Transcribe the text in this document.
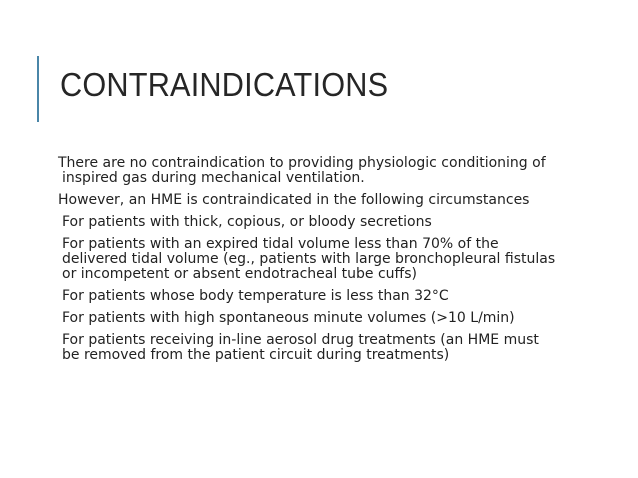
CONTRAINDICATIONS

There are no contraindication to providing physiologic conditioning of inspired gas during mechanical ventilation.

However, an HME is contraindicated in the following circumstances

For patients with thick, copious, or bloody secretions

For patients with an expired tidal volume less than 70% of the delivered tidal volume (eg., patients with large bronchopleural fistulas or incompetent or absent endotracheal tube cuffs)

For patients whose body temperature is less than 32°C

For patients with high spontaneous minute volumes (>10 L/min)

For patients receiving in-line aerosol drug treatments (an HME must be removed from the patient circuit during treatments)
